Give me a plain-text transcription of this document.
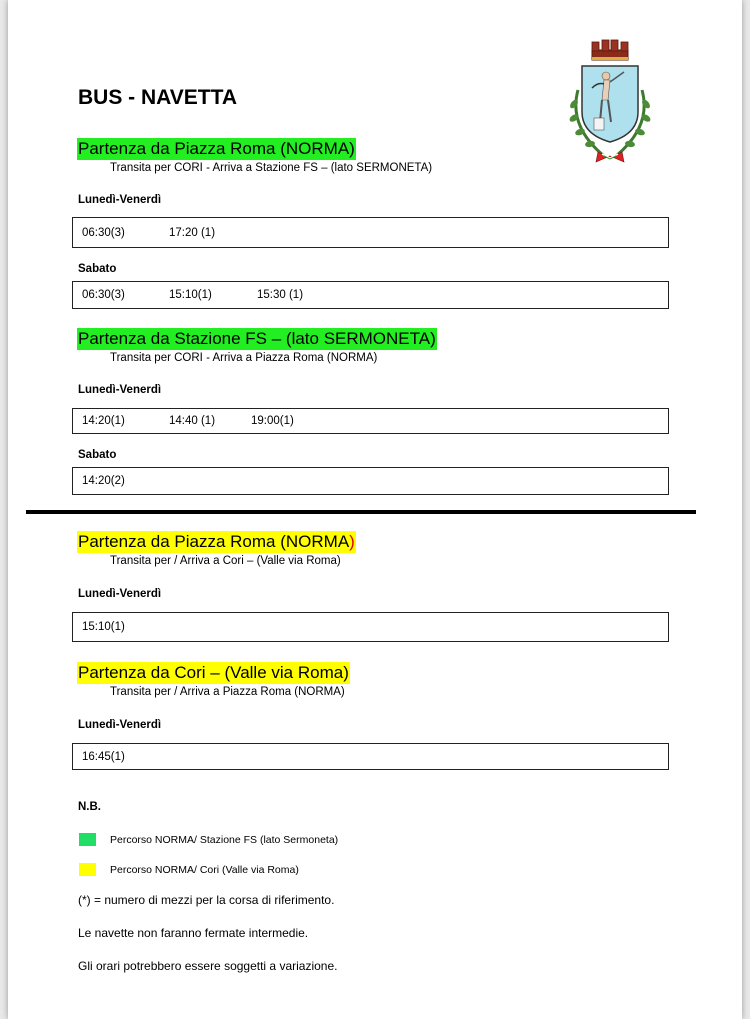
BUS - NAVETTA
Partenza da Piazza Roma (NORMA)
Transita per CORI - Arriva a Stazione FS – (lato SERMONETA)
Lunedì-Venerdì
06:30(3)	17:20 (1)
Sabato
06:30(3)	15:10(1)	15:30 (1)
Partenza da Stazione FS – (lato SERMONETA)
Transita per CORI - Arriva a Piazza Roma (NORMA)
Lunedì-Venerdì
14:20(1)	14:40 (1)	19:00(1)
Sabato
14:20(2)
Partenza da Piazza Roma (NORMA)
Transita per / Arriva a Cori – (Valle via Roma)
Lunedì-Venerdì
15:10(1)
Partenza da Cori – (Valle via Roma)
Transita per / Arriva a Piazza Roma (NORMA)
Lunedì-Venerdì
16:45(1)
N.B.
Percorso NORMA/ Stazione FS (lato Sermoneta)
Percorso NORMA/ Cori (Valle via Roma)
(*) = numero di mezzi per la corsa di riferimento.
Le navette non faranno fermate intermedie.
Gli orari potrebbero essere soggetti a variazione.
